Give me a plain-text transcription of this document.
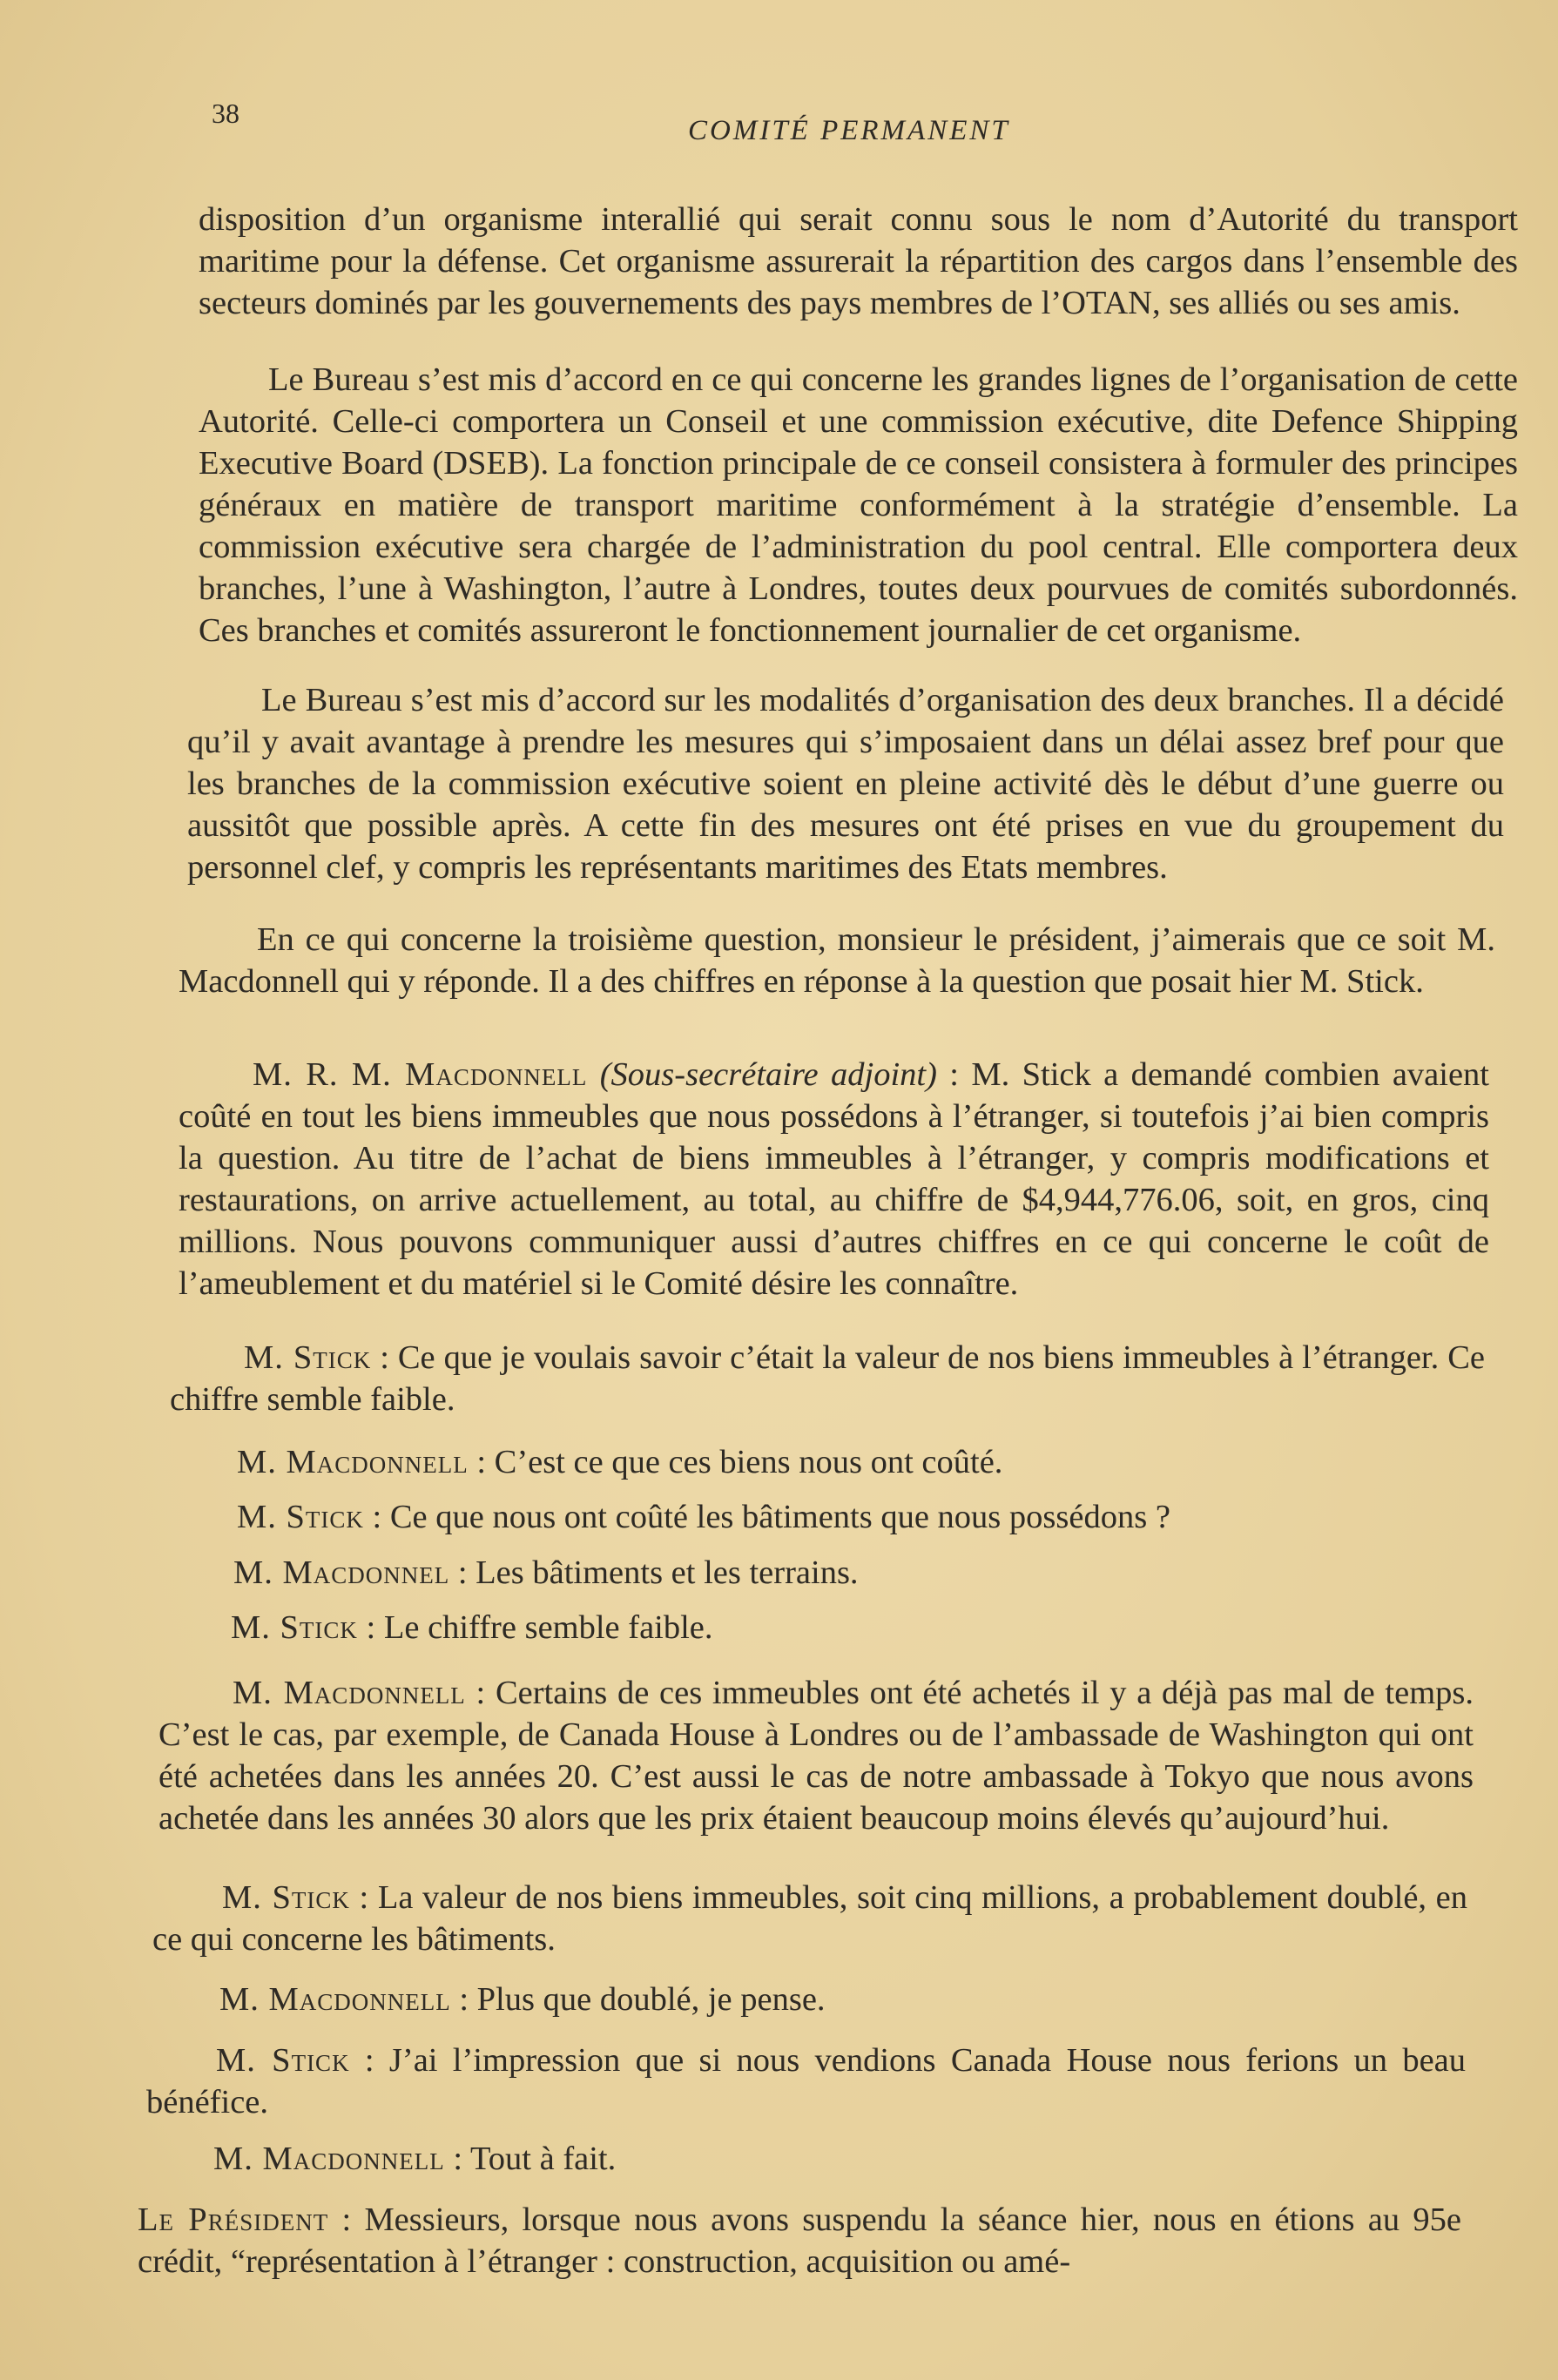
38
COMITÉ PERMANENT

disposition d’un organisme interallié qui serait connu sous le nom d’Autorité du transport maritime pour la défense. Cet organisme assurerait la répartition des cargos dans l’ensemble des secteurs dominés par les gouvernements des pays membres de l’OTAN, ses alliés ou ses amis.

Le Bureau s’est mis d’accord en ce qui concerne les grandes lignes de l’organisation de cette Autorité. Celle-ci comportera un Conseil et une commission exécutive, dite Defence Shipping Executive Board (DSEB). La fonction principale de ce conseil consistera à formuler des principes généraux en matière de transport maritime conformément à la stratégie d’ensemble. La commission exécutive sera chargée de l’administration du pool central. Elle comportera deux branches, l’une à Washington, l’autre à Londres, toutes deux pourvues de comités subordonnés. Ces branches et comités assureront le fonctionnement journalier de cet organisme.

Le Bureau s’est mis d’accord sur les modalités d’organisation des deux branches. Il a décidé qu’il y avait avantage à prendre les mesures qui s’imposaient dans un délai assez bref pour que les branches de la commission exécutive soient en pleine activité dès le début d’une guerre ou aussitôt que possible après. A cette fin des mesures ont été prises en vue du groupement du personnel clef, y compris les représentants maritimes des Etats membres.

En ce qui concerne la troisième question, monsieur le président, j’aimerais que ce soit M. Macdonnell qui y réponde. Il a des chiffres en réponse à la question que posait hier M. Stick.

M. R. M. Macdonnell (Sous-secrétaire adjoint) : M. Stick a demandé combien avaient coûté en tout les biens immeubles que nous possédons à l’étranger, si toutefois j’ai bien compris la question. Au titre de l’achat de biens immeubles à l’étranger, y compris modifications et restaurations, on arrive actuellement, au total, au chiffre de $4,944,776.06, soit, en gros, cinq millions. Nous pouvons communiquer aussi d’autres chiffres en ce qui concerne le coût de l’ameublement et du matériel si le Comité désire les connaître.

M. Stick : Ce que je voulais savoir c’était la valeur de nos biens immeubles à l’étranger. Ce chiffre semble faible.

M. Macdonnell : C’est ce que ces biens nous ont coûté.

M. Stick : Ce que nous ont coûté les bâtiments que nous possédons ?

M. Macdonnel : Les bâtiments et les terrains.

M. Stick : Le chiffre semble faible.

M. Macdonnell : Certains de ces immeubles ont été achetés il y a déjà pas mal de temps. C’est le cas, par exemple, de Canada House à Londres ou de l’ambassade de Washington qui ont été achetées dans les années 20. C’est aussi le cas de notre ambassade à Tokyo que nous avons achetée dans les années 30 alors que les prix étaient beaucoup moins élevés qu’aujourd’hui.

M. Stick : La valeur de nos biens immeubles, soit cinq millions, a probablement doublé, en ce qui concerne les bâtiments.

M. Macdonnell : Plus que doublé, je pense.

M. Stick : J’ai l’impression que si nous vendions Canada House nous ferions un beau bénéfice.

M. Macdonnell : Tout à fait.

Le Président : Messieurs, lorsque nous avons suspendu la séance hier, nous en étions au 95e crédit, “représentation à l’étranger : construction, acquisition ou amé-
